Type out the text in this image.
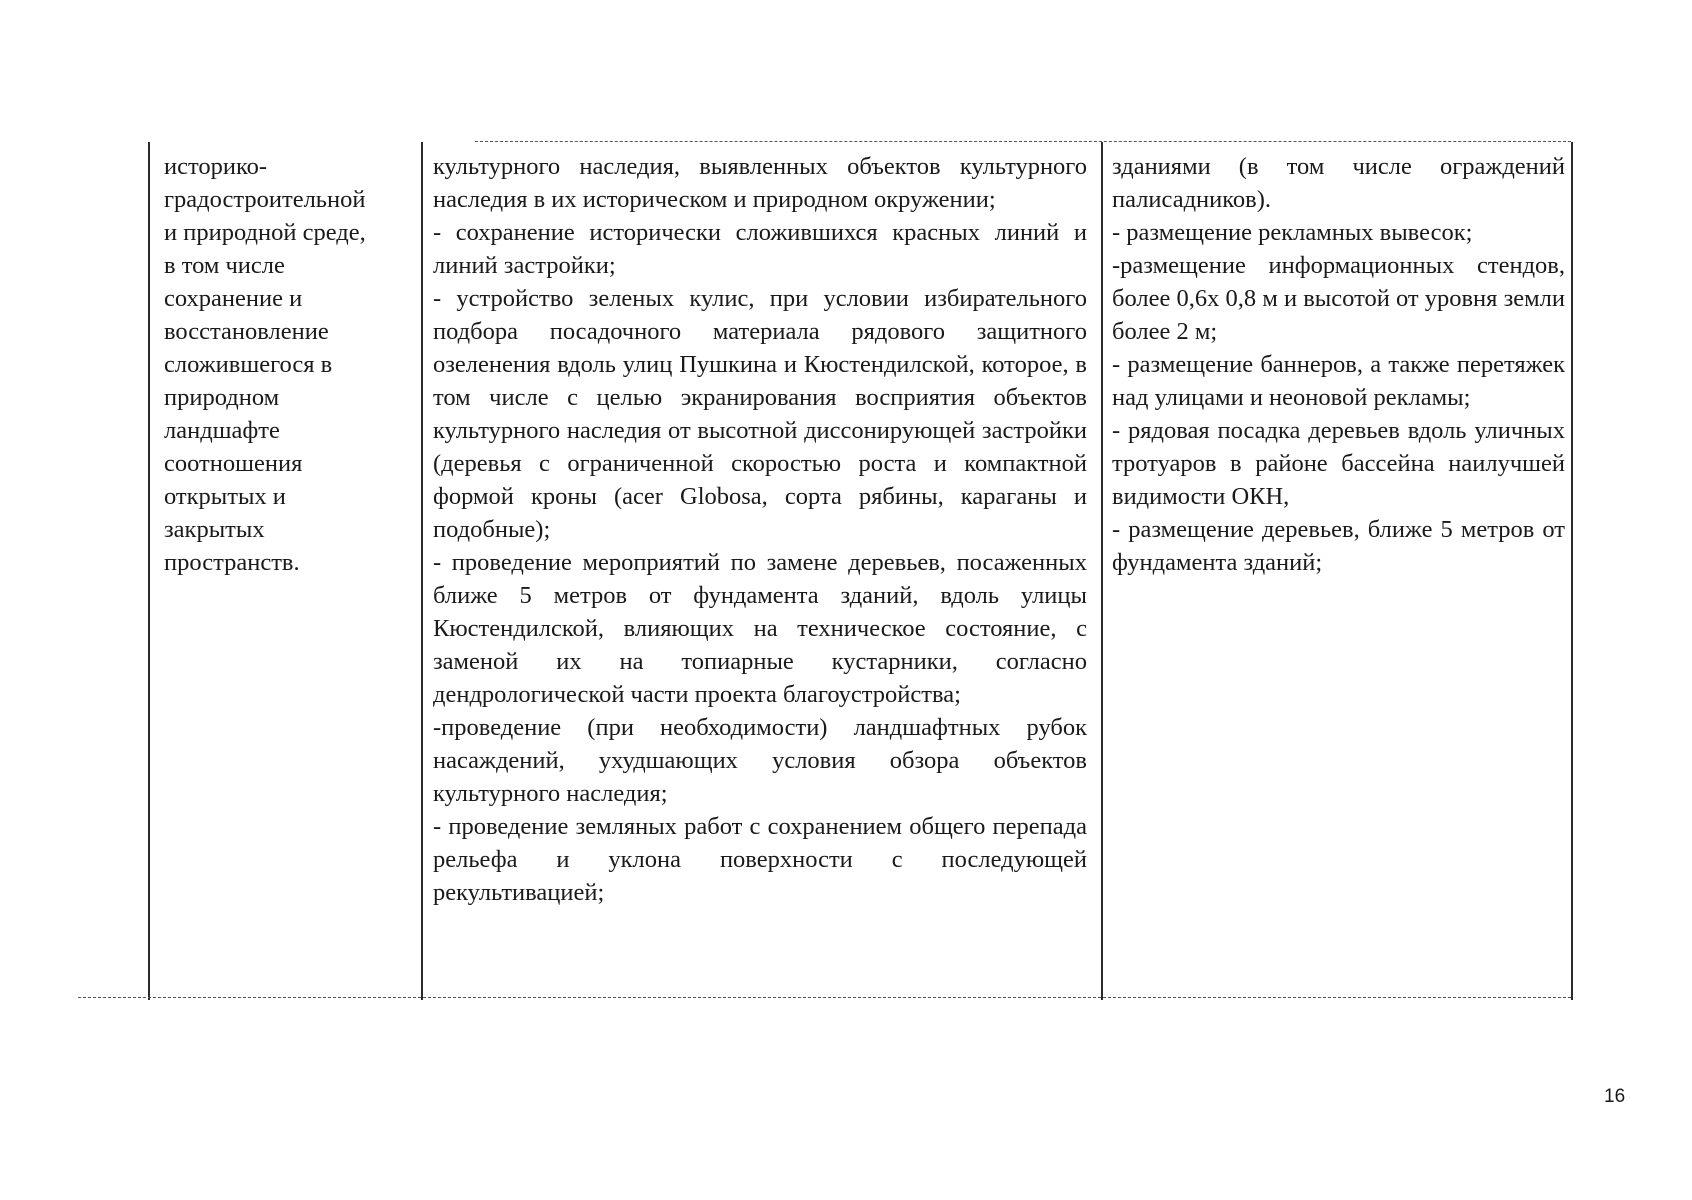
историко-

градостроительной

и природной среде,

в том числе

сохранение и

восстановление

сложившегося в

природном

ландшафте

соотношения

открытых и

закрытых

пространств.

культурного наследия, выявленных объектов культурного наследия в их историческом и природном окружении;

- сохранение исторически сложившихся красных линий и линий застройки;

- устройство зеленых кулис, при условии избирательного подбора посадочного материала рядового защитного озеленения вдоль улиц Пушкина и Кюстендилской, которое, в том числе с целью экранирования восприятия объектов культурного наследия от высотной диссонирующей застройки (деревья с ограниченной скоростью роста и компактной формой кроны (acer Globosa, сорта рябины, караганы и подобные);

- проведение мероприятий по замене деревьев, посаженных ближе 5 метров от фундамента зданий, вдоль улицы Кюстендилской, влияющих на техническое состояние, с заменой их на топиарные кустарники, согласно дендрологической части проекта благоустройства;

-проведение (при необходимости) ландшафтных рубок насаждений, ухудшающих условия обзора объектов культурного наследия;

- проведение земляных работ с сохранением общего перепада рельефа и уклона поверхности с последующей рекультивацией;

зданиями (в том числе ограждений палисадников).

- размещение рекламных вывесок;

-размещение информационных стендов, более 0,6х 0,8 м и высотой от уровня земли более 2 м;

- размещение баннеров, а также перетяжек над улицами и неоновой рекламы;

- рядовая посадка деревьев вдоль уличных тротуаров в районе бассейна наилучшей видимости ОКН,

- размещение деревьев, ближе 5 метров от фундамента зданий;

16
